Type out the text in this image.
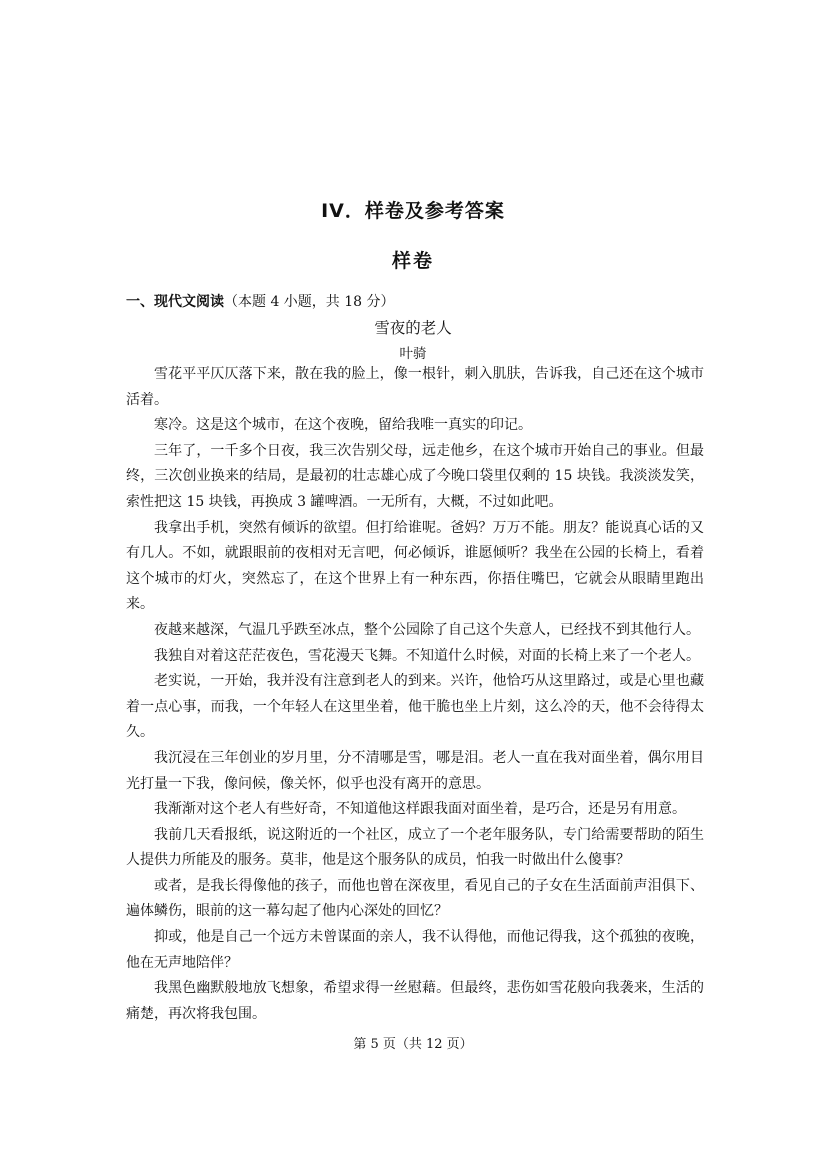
IV．样卷及参考答案
样卷
一、现代文阅读（本题 4 小题，共 18 分）
雪夜的老人
叶骑

雪花平平仄仄落下来，散在我的脸上，像一根针，刺入肌肤，告诉我，自己还在这个城市活着。

寒冷。这是这个城市，在这个夜晚，留给我唯一真实的印记。

三年了，一千多个日夜，我三次告别父母，远走他乡，在这个城市开始自己的事业。但最终，三次创业换来的结局，是最初的壮志雄心成了今晚口袋里仅剩的 15 块钱。我淡淡发笑，索性把这 15 块钱，再换成 3 罐啤酒。一无所有，大概，不过如此吧。

我拿出手机，突然有倾诉的欲望。但打给谁呢。爸妈？万万不能。朋友？能说真心话的又有几人。不如，就跟眼前的夜相对无言吧，何必倾诉，谁愿倾听？我坐在公园的长椅上，看着这个城市的灯火，突然忘了，在这个世界上有一种东西，你捂住嘴巴，它就会从眼睛里跑出来。

夜越来越深，气温几乎跌至冰点，整个公园除了自己这个失意人，已经找不到其他行人。

我独自对着这茫茫夜色，雪花漫天飞舞。不知道什么时候，对面的长椅上来了一个老人。

老实说，一开始，我并没有注意到老人的到来。兴许，他恰巧从这里路过，或是心里也藏着一点心事，而我，一个年轻人在这里坐着，他干脆也坐上片刻，这么冷的天，他不会待得太久。

我沉浸在三年创业的岁月里，分不清哪是雪，哪是泪。老人一直在我对面坐着，偶尔用目光打量一下我，像问候，像关怀，似乎也没有离开的意思。

我渐渐对这个老人有些好奇，不知道他这样跟我面对面坐着，是巧合，还是另有用意。

我前几天看报纸，说这附近的一个社区，成立了一个老年服务队，专门给需要帮助的陌生人提供力所能及的服务。莫非，他是这个服务队的成员，怕我一时做出什么傻事？

或者，是我长得像他的孩子，而他也曾在深夜里，看见自己的子女在生活面前声泪俱下、遍体鳞伤，眼前的这一幕勾起了他内心深处的回忆？

抑或，他是自己一个远方未曾谋面的亲人，我不认得他，而他记得我，这个孤独的夜晚，他在无声地陪伴？

我黑色幽默般地放飞想象，希望求得一丝慰藉。但最终，悲伤如雪花般向我袭来，生活的痛楚，再次将我包围。

第 5 页（共 12 页）
